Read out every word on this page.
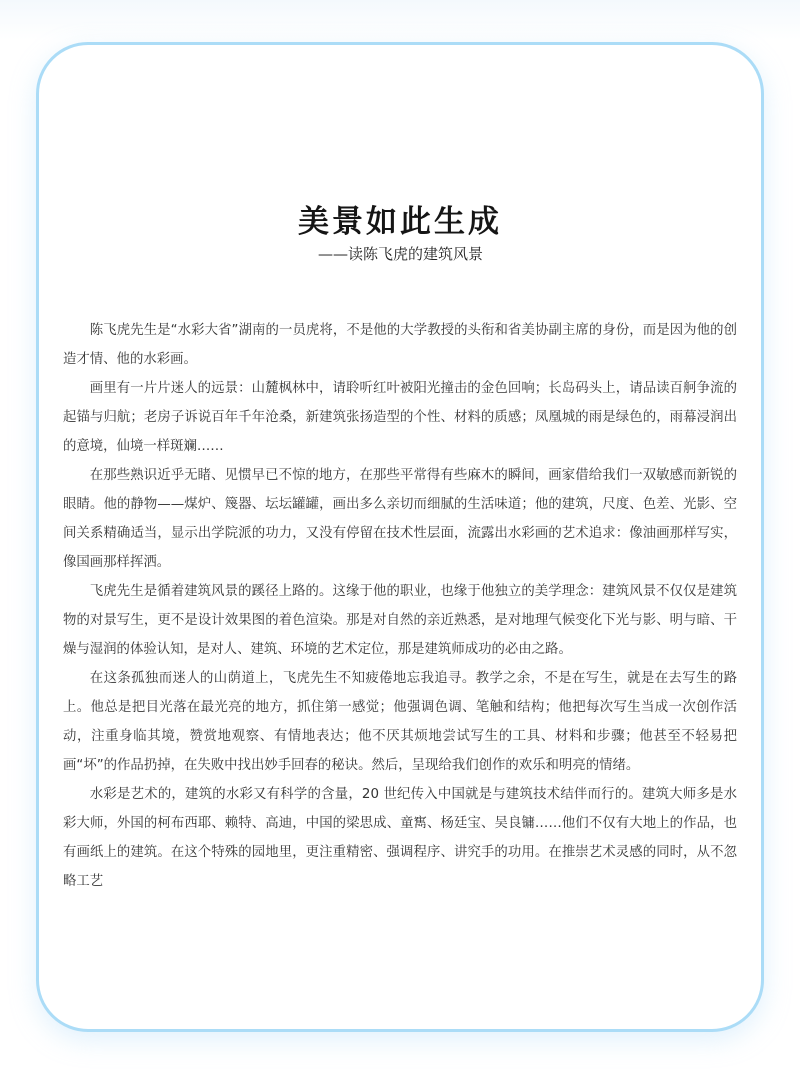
美景如此生成
——读陈飞虎的建筑风景

陈飞虎先生是“水彩大省”湖南的一员虎将，不是他的大学教授的头衔和省美协副主席的身份，而是因为他的创造才情、他的水彩画。

画里有一片片迷人的远景：山麓枫林中，请聆听红叶被阳光撞击的金色回响；长岛码头上，请品读百舸争流的起锚与归航；老房子诉说百年千年沧桑，新建筑张扬造型的个性、材料的质感；凤凰城的雨是绿色的，雨幕浸润出的意境，仙境一样斑斓……

在那些熟识近乎无睹、见惯早已不惊的地方，在那些平常得有些麻木的瞬间，画家借给我们一双敏感而新锐的眼睛。他的静物——煤炉、篾器、坛坛罐罐，画出多么亲切而细腻的生活味道；他的建筑，尺度、色差、光影、空间关系精确适当，显示出学院派的功力，又没有停留在技术性层面，流露出水彩画的艺术追求：像油画那样写实，像国画那样挥洒。

飞虎先生是循着建筑风景的蹊径上路的。这缘于他的职业，也缘于他独立的美学理念：建筑风景不仅仅是建筑物的对景写生，更不是设计效果图的着色渲染。那是对自然的亲近熟悉，是对地理气候变化下光与影、明与暗、干燥与湿润的体验认知，是对人、建筑、环境的艺术定位，那是建筑师成功的必由之路。

在这条孤独而迷人的山荫道上，飞虎先生不知疲倦地忘我追寻。教学之余，不是在写生，就是在去写生的路上。他总是把目光落在最光亮的地方，抓住第一感觉；他强调色调、笔触和结构；他把每次写生当成一次创作活动，注重身临其境，赞赏地观察、有情地表达；他不厌其烦地尝试写生的工具、材料和步骤；他甚至不轻易把画“坏”的作品扔掉，在失败中找出妙手回春的秘诀。然后，呈现给我们创作的欢乐和明亮的情绪。

水彩是艺术的，建筑的水彩又有科学的含量，20 世纪传入中国就是与建筑技术结伴而行的。建筑大师多是水彩大师，外国的柯布西耶、赖特、高迪，中国的梁思成、童寯、杨廷宝、吴良镛……他们不仅有大地上的作品，也有画纸上的建筑。在这个特殊的园地里，更注重精密、强调程序、讲究手的功用。在推崇艺术灵感的同时，从不忽略工艺
